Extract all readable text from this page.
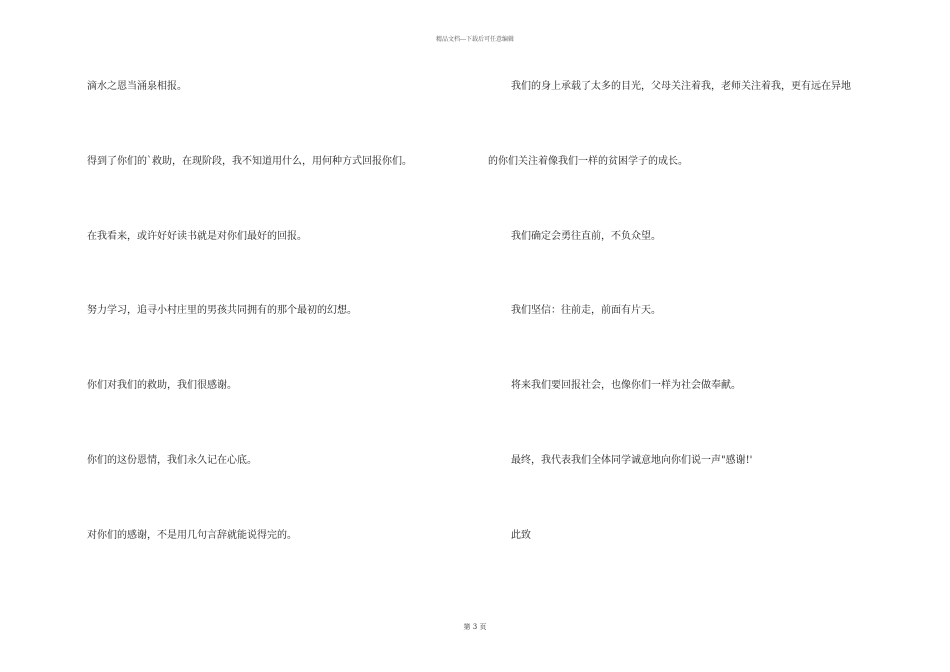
精品文档---下载后可任意编辑
滴水之恩当涌泉相报。
得到了你们的`救助，在现阶段，我不知道用什么，用何种方式回报你们。
在我看来，或许好好读书就是对你们最好的回报。
努力学习，追寻小村庄里的男孩共同拥有的那个最初的幻想。
你们对我们的救助，我们很感谢。
你们的这份恩情，我们永久记在心底。
对你们的感谢，不是用几句言辞就能说得完的。
我们的身上承载了太多的目光，父母关注着我，老师关注着我，更有远在异地
的你们关注着像我们一样的贫困学子的成长。
我们确定会勇往直前，不负众望。
我们坚信：往前走，前面有片天。
将来我们要回报社会，也像你们一样为社会做奉献。
最终，我代表我们全体同学诚意地向你们说一声"感谢!'
此致
第 3 页
